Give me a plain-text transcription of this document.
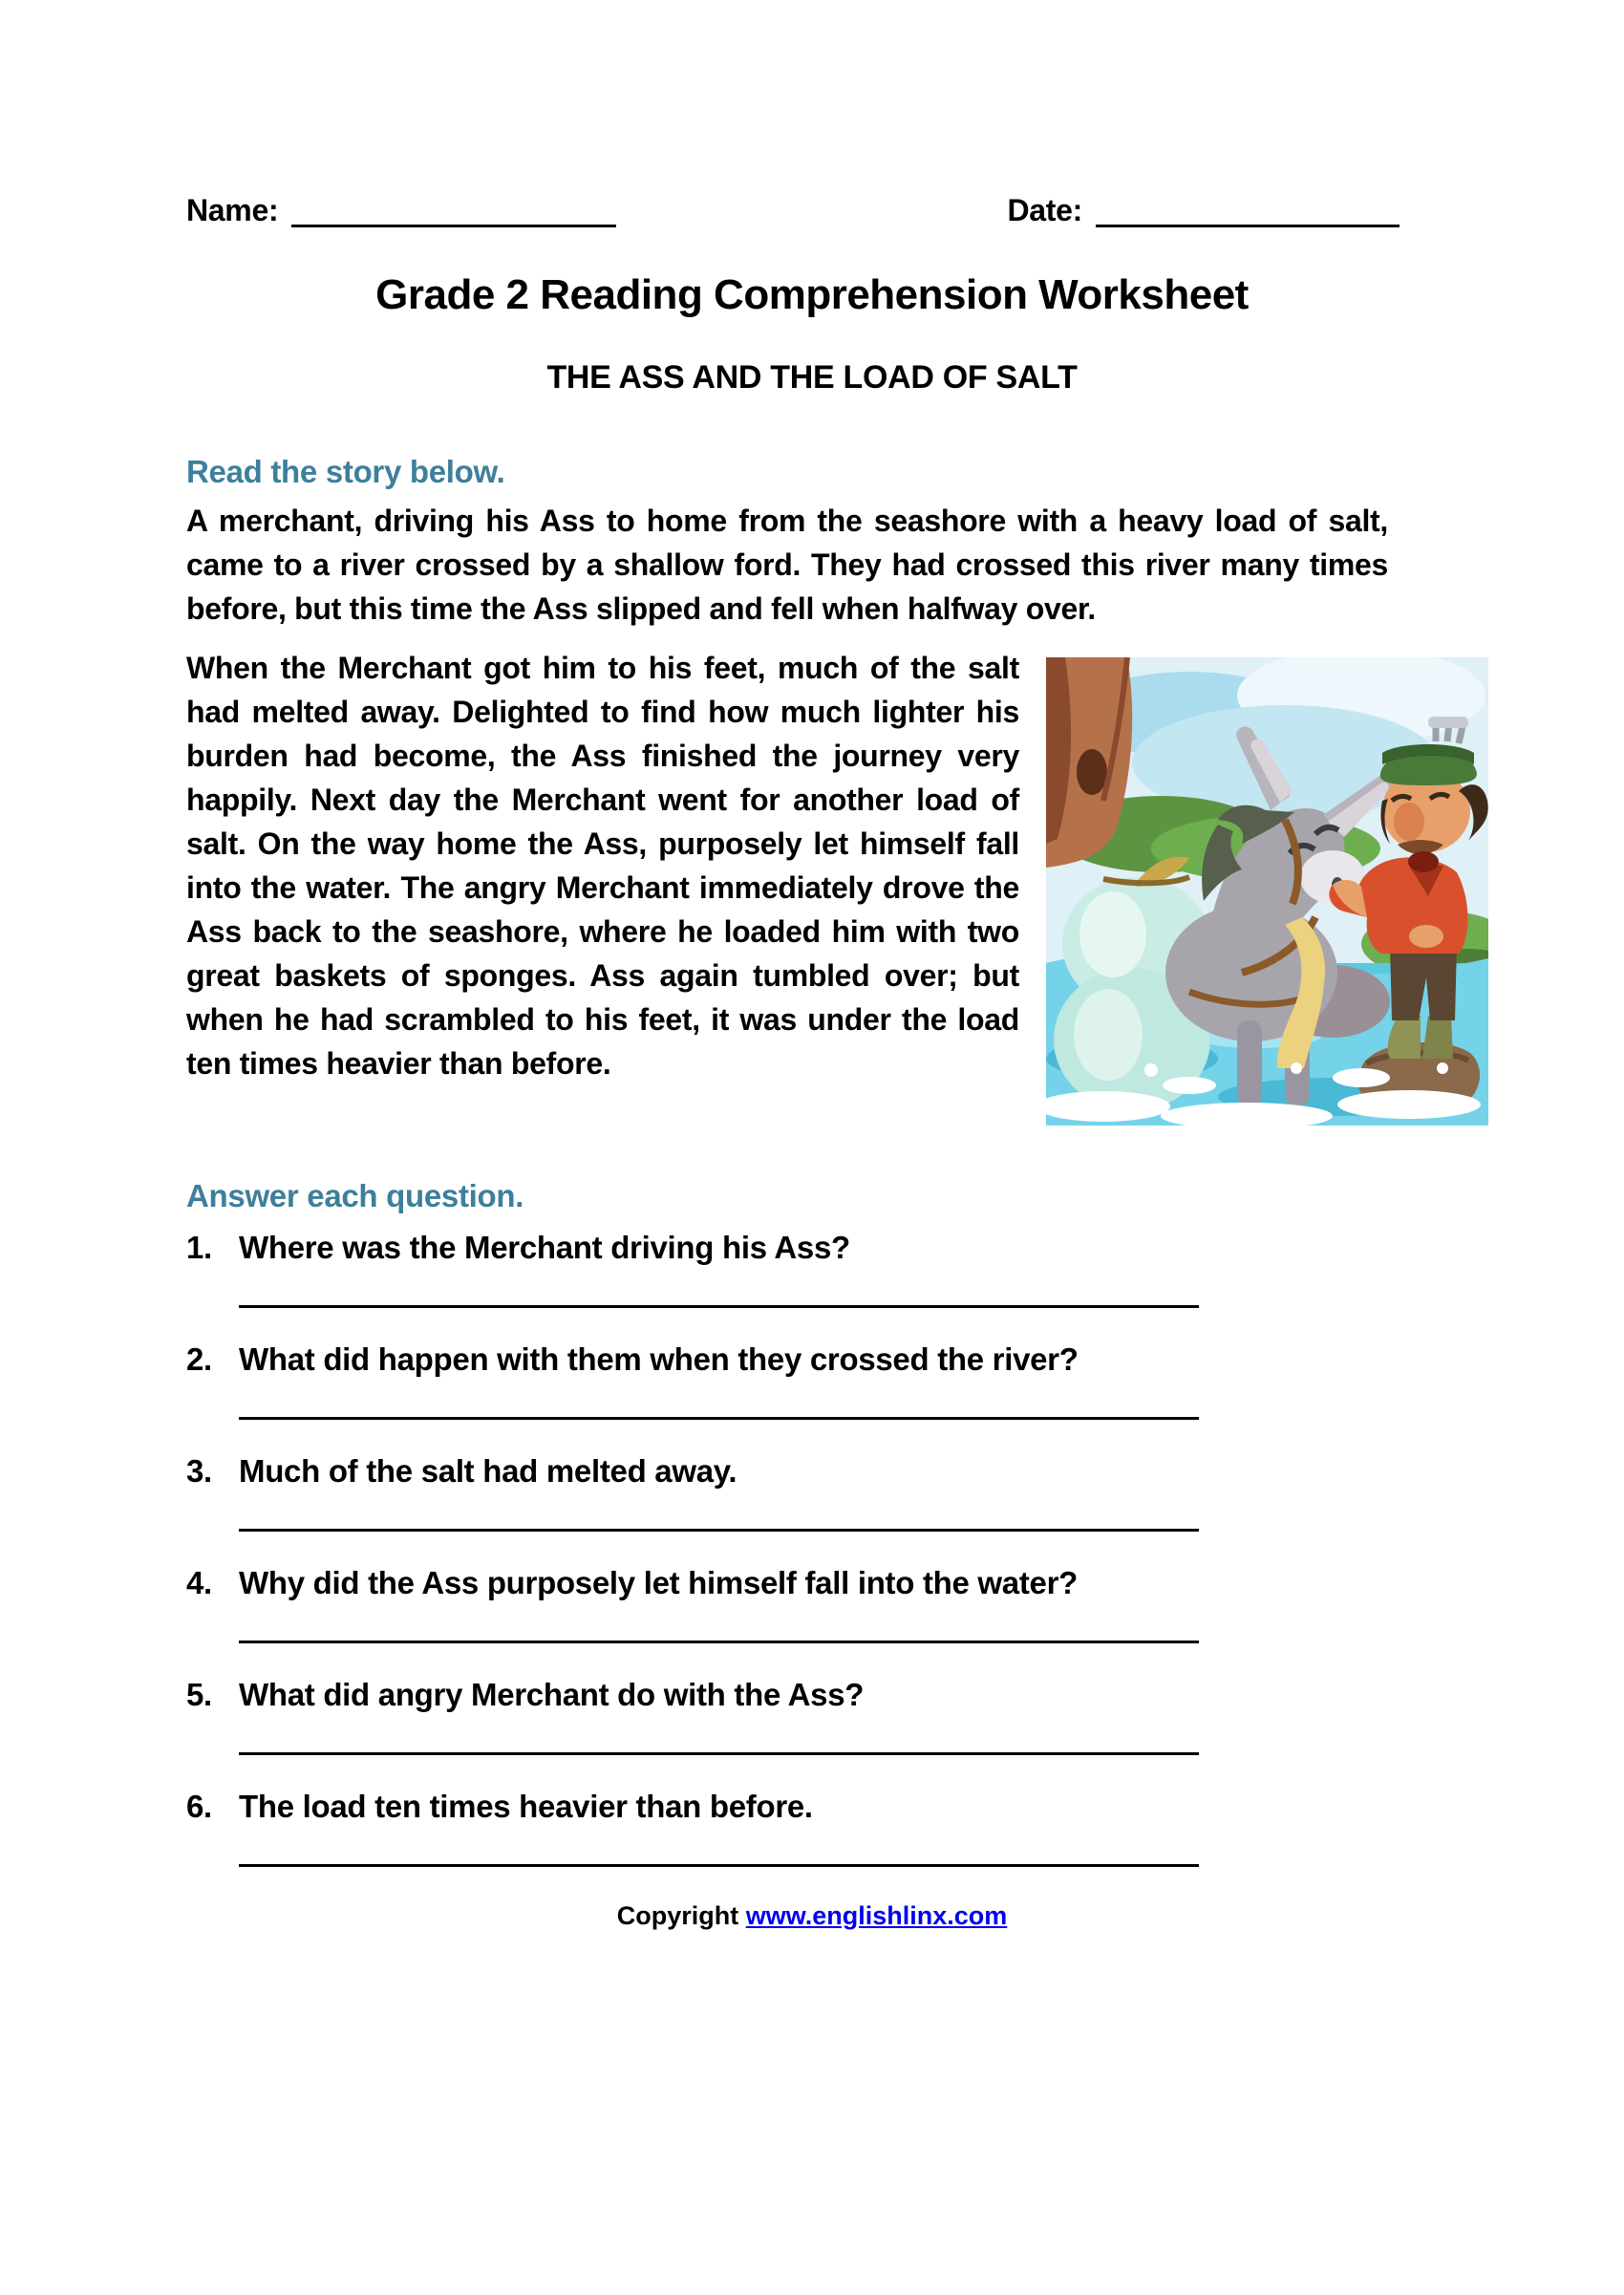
Name:	Date:
Grade 2 Reading Comprehension Worksheet
THE ASS AND THE LOAD OF SALT
Read the story below.

A merchant, driving his Ass to home from the seashore with a heavy load of salt, came to a river crossed by a shallow ford. They had crossed this river many times before, but this time the Ass slipped and fell when halfway over.

When the Merchant got him to his feet, much of the salt had melted away. Delighted to find how much lighter his burden had become, the Ass finished the journey very happily. Next day the Merchant went for another load of salt. On the way home the Ass, purposely let himself fall into the water. The angry Merchant immediately drove the Ass back to the seashore, where he loaded him with two great baskets of sponges. Ass again tumbled over; but when he had scrambled to his feet, it was under the load ten times heavier than before.

Answer each question.

1. Where was the Merchant driving his Ass?

2. What did happen with them when they crossed the river?

3. Much of the salt had melted away.

4. Why did the Ass purposely let himself fall into the water?

5. What did angry Merchant do with the Ass?

6. The load ten times heavier than before.

Copyright www.englishlinx.com
